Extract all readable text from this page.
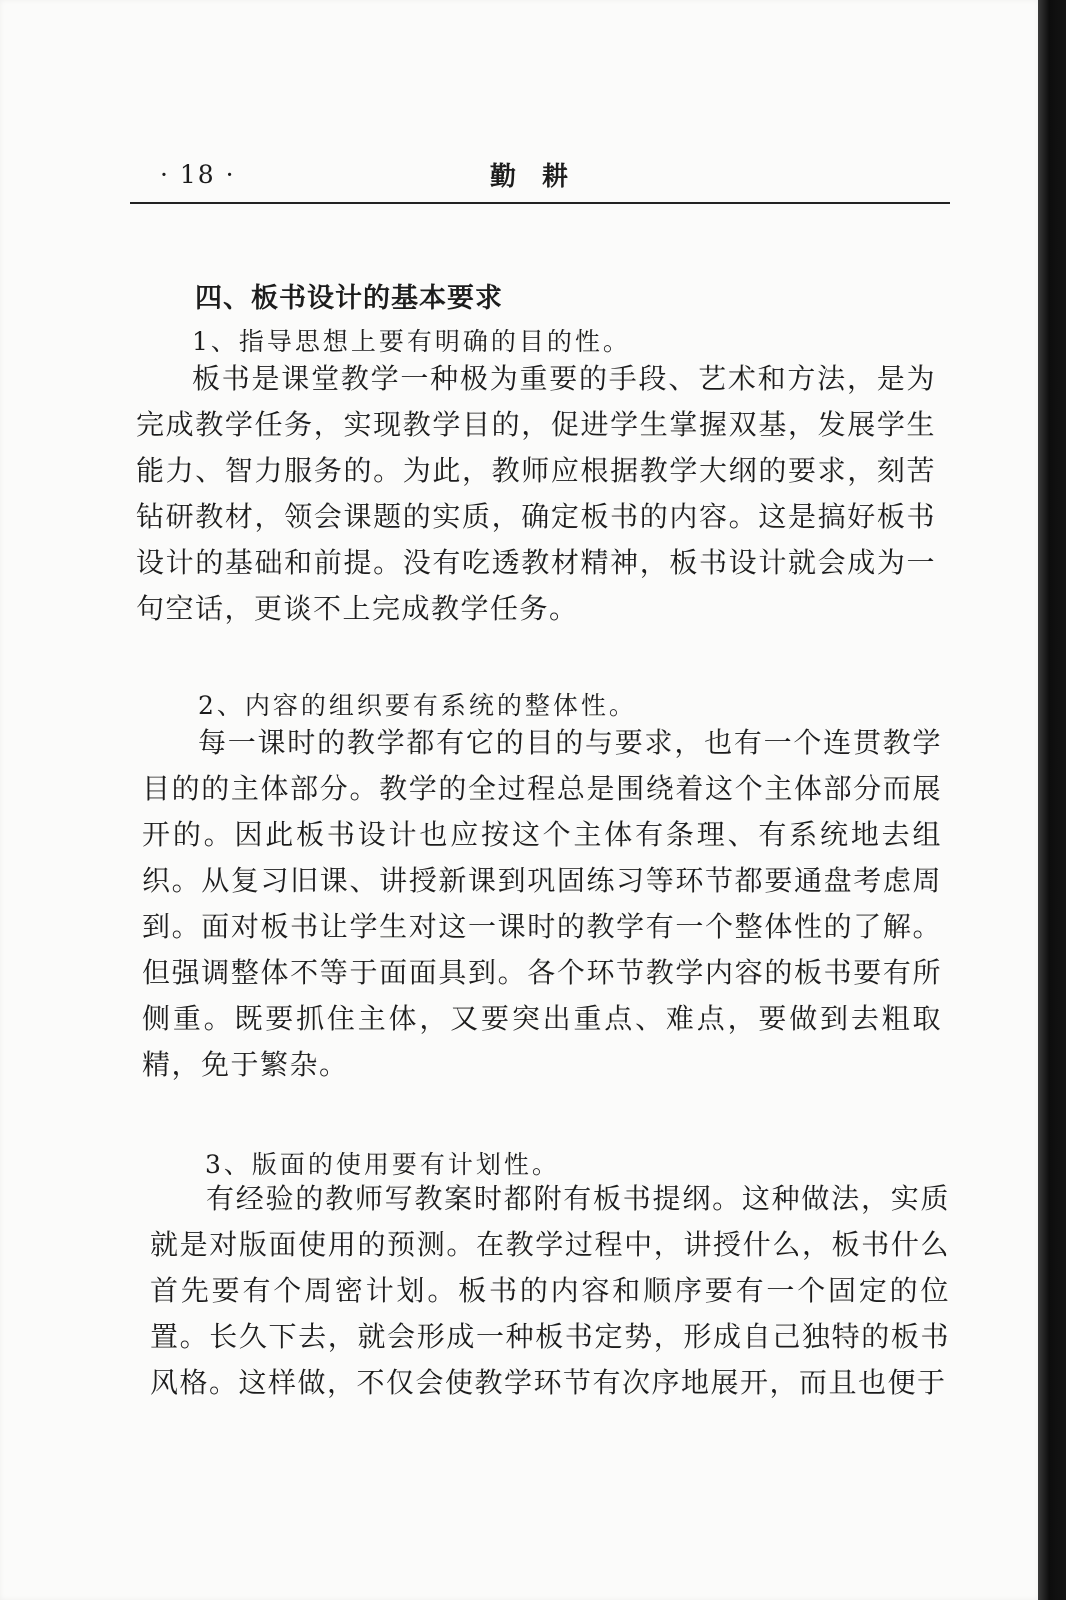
· 18 ·	勤耕
四、板书设计的基本要求
1、指导思想上要有明确的目的性。

板书是课堂教学一种极为重要的手段、艺术和方法，是为完成教学任务，实现教学目的，促进学生掌握双基，发展学生能力、智力服务的。为此，教师应根据教学大纲的要求，刻苦钻研教材，领会课题的实质，确定板书的内容。这是搞好板书设计的基础和前提。没有吃透教材精神，板书设计就会成为一句空话，更谈不上完成教学任务。

2、内容的组织要有系统的整体性。

每一课时的教学都有它的目的与要求，也有一个连贯教学目的的主体部分。教学的全过程总是围绕着这个主体部分而展开的。因此板书设计也应按这个主体有条理、有系统地去组织。从复习旧课、讲授新课到巩固练习等环节都要通盘考虑周到。面对板书让学生对这一课时的教学有一个整体性的了解。但强调整体不等于面面具到。各个环节教学内容的板书要有所侧重。既要抓住主体，又要突出重点、难点，要做到去粗取精，免于繁杂。

3、版面的使用要有计划性。

有经验的教师写教案时都附有板书提纲。这种做法，实质就是对版面使用的预测。在教学过程中，讲授什么，板书什么首先要有个周密计划。板书的内容和顺序要有一个固定的位置。长久下去，就会形成一种板书定势，形成自己独特的板书风格。这样做，不仅会使教学环节有次序地展开，而且也便于
